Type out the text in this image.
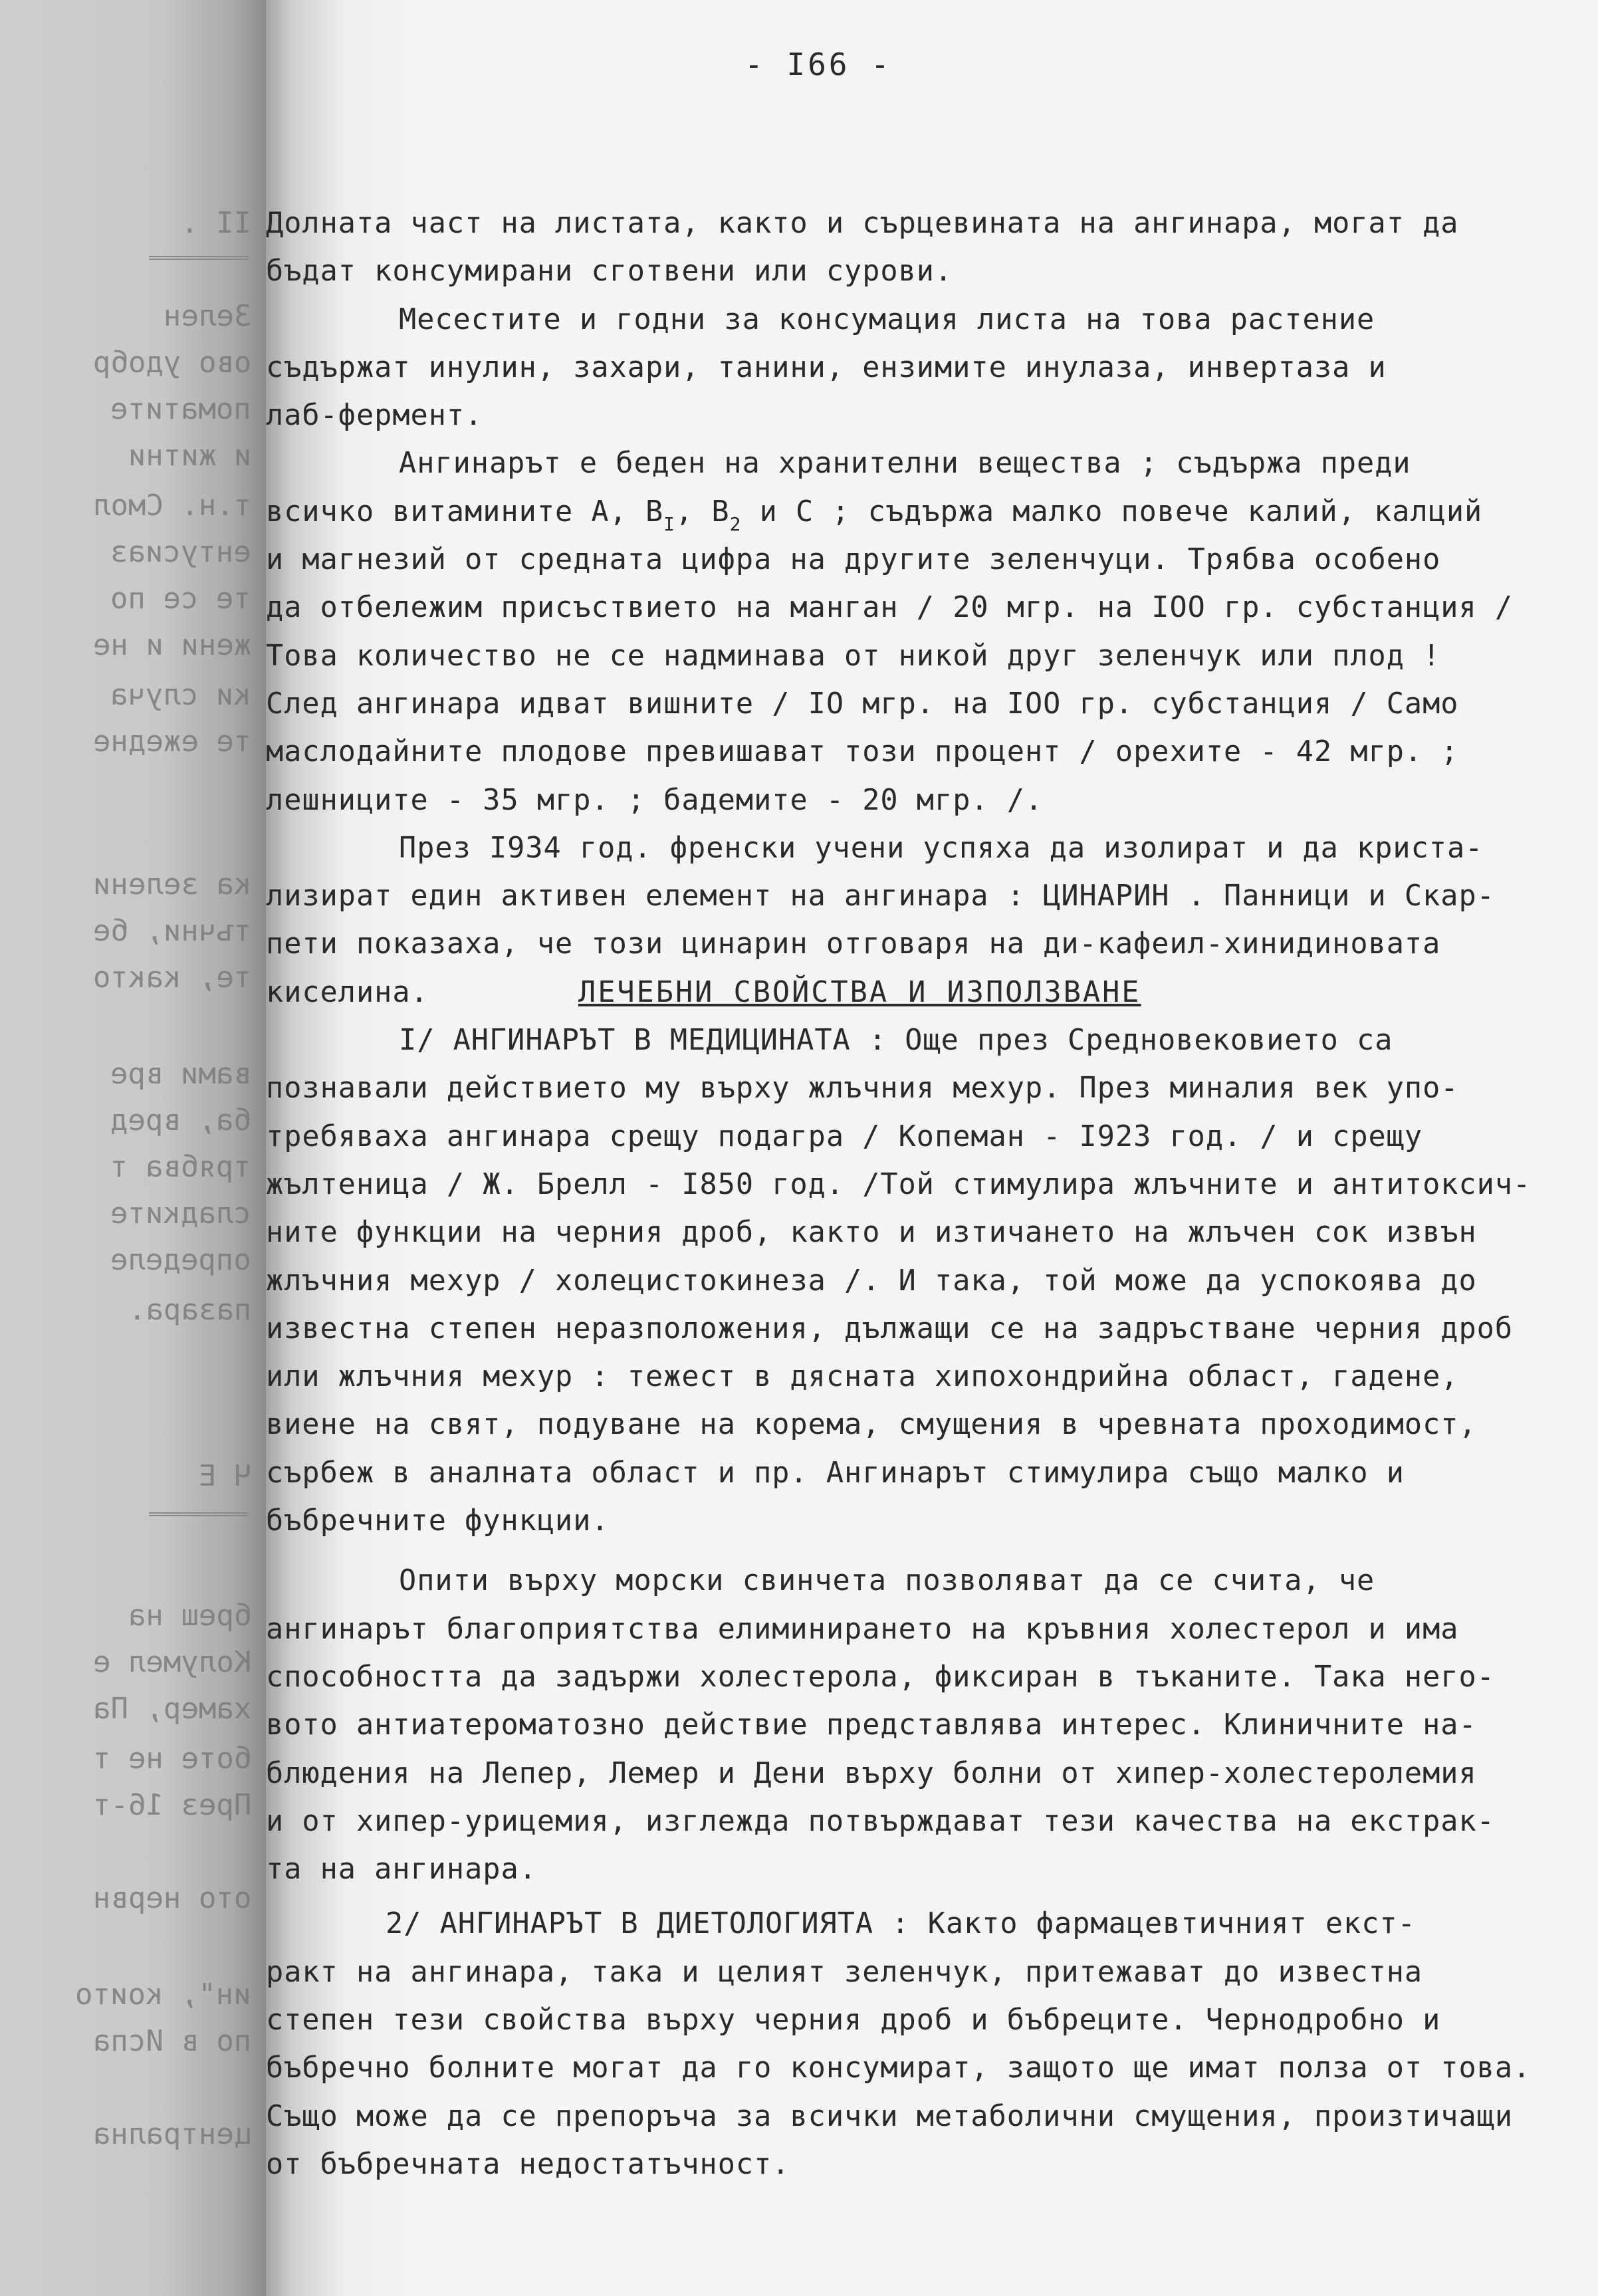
II .
Зелен
ово удобр
поматите
и житни
т.н. Смол
ентусиаз
те се по
жени и не
ки случа
те ежедне
ка зелени
тъчни, бе
те, както
вами вре
ба, вред
трябва т
сладките
определе
пазара.
Ч Е
бреш на
Колумел е
хамер, Па
боте не т
През 16-т
ото нервн
ин", които
по в Испа
централна
- I66 -
Долната част на листата, както и сърцевината на ангинара, могат да
бъдат консумирани сготвени или сурови.
Месестите и годни за консумация листа на това растение
съдържат инулин, захари, танини, ензимите инулаза, инвертаза и
лаб-фермент.
Ангинарът е беден на хранителни вещества ; съдържа преди
всичко витамините А, $В_I$, $В_2$ и С ; съдържа малко повече калий, калций
и магнезий от средната цифра на другите зеленчуци. Трябва особено
да отбележим присъствието на манган / 20 мгр. на IOO гр. субстанция /
Това количество не се надминава от никой друг зеленчук или плод !
След ангинара идват вишните / IO мгр. на IOO гр. субстанция / Само
маслодайните плодове превишават този процент / орехите - 42 мгр. ;
лешниците - 35 мгр. ; бадемите - 20 мгр. /.
През I934 год. френски учени успяха да изолират и да криста-
лизират един активен елемент на ангинара : ЦИНАРИН . Панници и Скар-
пети показаха, че този цинарин отговаря на ди-кафеил-хинидиновата
киселина.	ЛЕЧЕБНИ СВОЙСТВА И ИЗПОЛЗВАНЕ
I/ АНГИНАРЪТ В МЕДИЦИНАТА : Още през Средновековието са
познавали действието му върху жлъчния мехур. През миналия век упо-
требяваха ангинара срещу подагра / Копеман - I923 год. / и срещу
жълтеница / Ж. Брелл - I850 год. /Той стимулира жлъчните и антитоксич-
ните функции на черния дроб, както и изтичането на жлъчен сок извън
жлъчния мехур / холецистокинеза /. И така, той може да успокоява до
известна степен неразположения, дължащи се на задръстване черния дроб
или жлъчния мехур : тежест в дясната хипохондрийна област, гадене,
виене на свят, подуване на корема, смущения в чревната проходимост,
сърбеж в аналната област и пр. Ангинарът стимулира също малко и
бъбречните функции.
Опити върху морски свинчета позволяват да се счита, че
ангинарът благоприятства елиминирането на кръвния холестерол и има
способността да задържи холестерола, фиксиран в тъканите. Така него-
вото антиатероматозно действие представлява интерес. Клиничните на-
блюдения на Лепер, Лемер и Дени върху болни от хипер-холестеролемия
и от хипер-урицемия, изглежда потвърждават тези качества на екстрак-
та на ангинара.
2/ АНГИНАРЪТ В ДИЕТОЛОГИЯТА : Както фармацевтичният екст-
ракт на ангинара, така и целият зеленчук, притежават до известна
степен тези свойства върху черния дроб и бъбреците. Чернодробно и
бъбречно болните могат да го консумират, защото ще имат полза от това.
Също може да се препоръча за всички метаболични смущения, произтичащи
от бъбречната недостатъчност.
